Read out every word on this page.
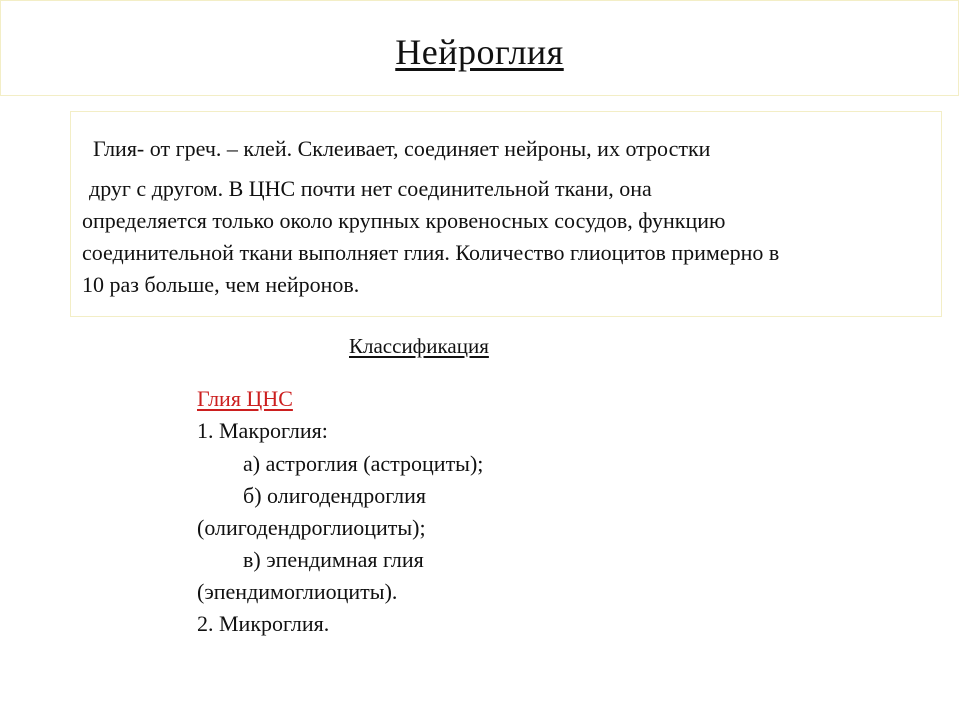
Нейроглия
Глия- от греч. – клей. Склеивает, соединяет нейроны, их отростки
друг с другом. В ЦНС почти нет соединительной ткани, она
определяется только около крупных кровеносных сосудов, функцию
соединительной ткани выполняет глия. Количество глиоцитов примерно в
10 раз больше, чем нейронов.
Классификация
Глия ЦНС
1. Макроглия:
а) астроглия (астроциты);
б) олигодендроглия
(олигодендроглиоциты);
в) эпендимная глия
(эпендимоглиоциты).
2. Микроглия.
